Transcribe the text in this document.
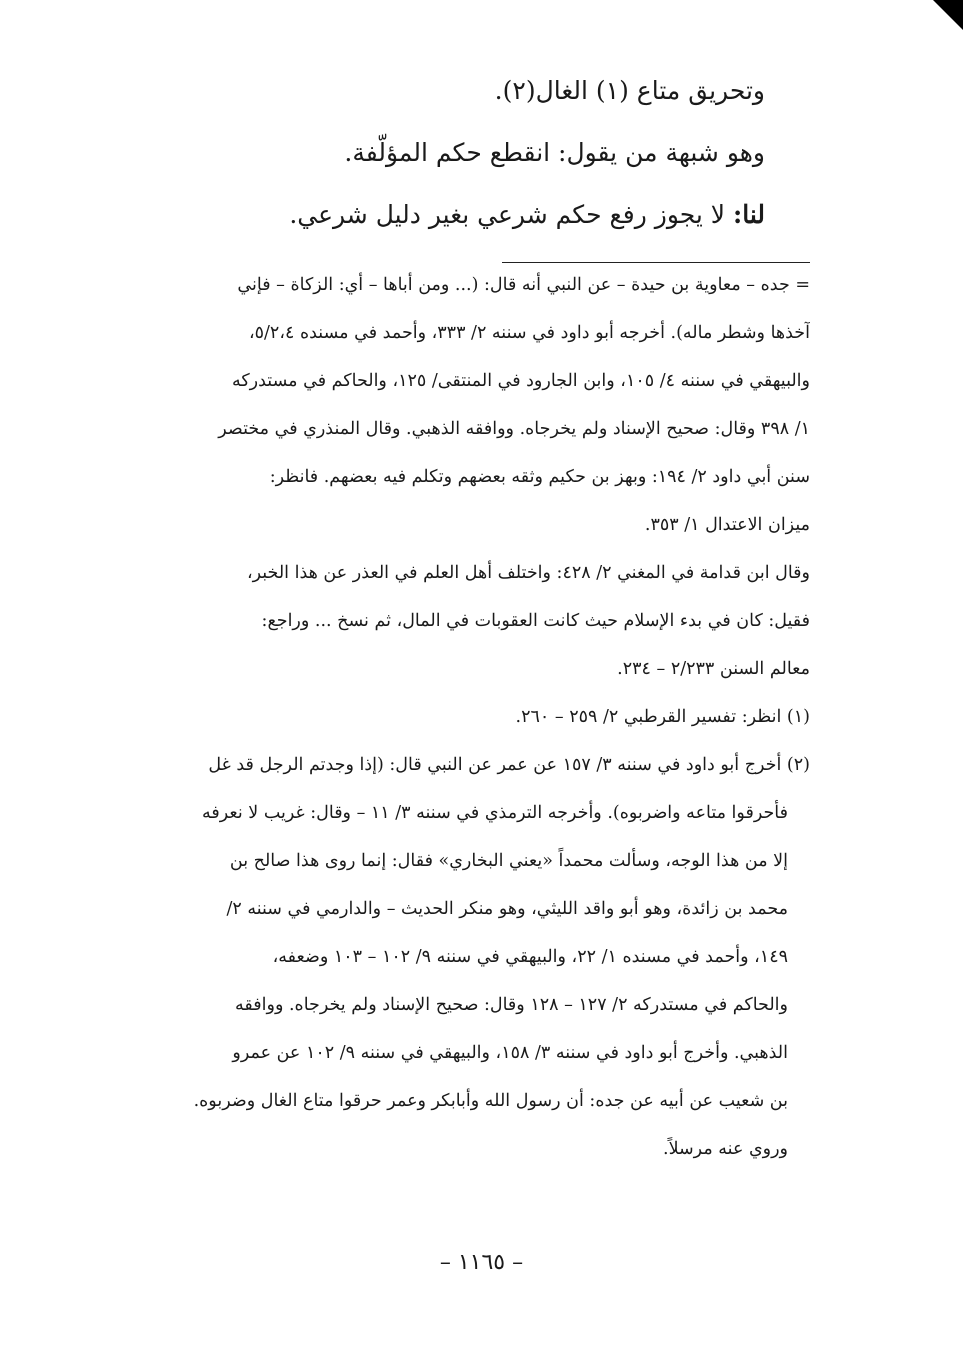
وتحريق متاع (١) الغال(٢).

وهو شبهة من يقول: انقطع حكم المؤلّفة.

لنا: لا يجوز رفع حكم شرعي بغير دليل شرعي.

= جده – معاوية بن حيدة – عن النبي أنه قال: (... ومن أباها – أي: الزكاة – فإني
آخذها وشطر ماله). أخرجه أبو داود في سننه ٢/ ٣٣٣، وأحمد في مسنده ٥/٢،٤،
والبيهقي في سننه ٤/ ١٠٥، وابن الجارود في المنتقى/ ١٢٥، والحاكم في مستدركه
١/ ٣٩٨ وقال: صحيح الإسناد ولم يخرجاه. ووافقه الذهبي. وقال المنذري في مختصر
سنن أبي داود ٢/ ١٩٤: وبهز بن حكيم وثقه بعضهم وتكلم فيه بعضهم. فانظر:
ميزان الاعتدال ١/ ٣٥٣.
وقال ابن قدامة في المغني ٢/ ٤٢٨: واختلف أهل العلم في العذر عن هذا الخبر،
فقيل: كان في بدء الإسلام حيث كانت العقوبات في المال، ثم نسخ ... وراجع:
معالم السنن ٢/٢٣٣ – ٢٣٤.
(١) انظر: تفسير القرطبي ٢/ ٢٥٩ – ٢٦٠.
(٢) أخرج أبو داود في سننه ٣/ ١٥٧ عن عمر عن النبي قال: (إذا وجدتم الرجل قد غل
فأحرقوا متاعه واضربوه). وأخرجه الترمذي في سننه ٣/ ١١ – وقال: غريب لا نعرفه
إلا من هذا الوجه، وسألت محمداً «يعني البخاري» فقال: إنما روى هذا صالح بن
محمد بن زائدة، وهو أبو واقد الليثي، وهو منكر الحديث – والدارمي في سننه ٢/
١٤٩، وأحمد في مسنده ١/ ٢٢، والبيهقي في سننه ٩/ ١٠٢ – ١٠٣ وضعفه،
والحاكم في مستدركه ٢/ ١٢٧ – ١٢٨ وقال: صحيح الإسناد ولم يخرجاه. ووافقه
الذهبي. وأخرج أبو داود في سننه ٣/ ١٥٨، والبيهقي في سننه ٩/ ١٠٢ عن عمرو
بن شعيب عن أبيه عن جده: أن رسول الله وأبابكر وعمر حرقوا متاع الغال وضربوه.
وروي عنه مرسلاً.
– ١١٦٥ –
